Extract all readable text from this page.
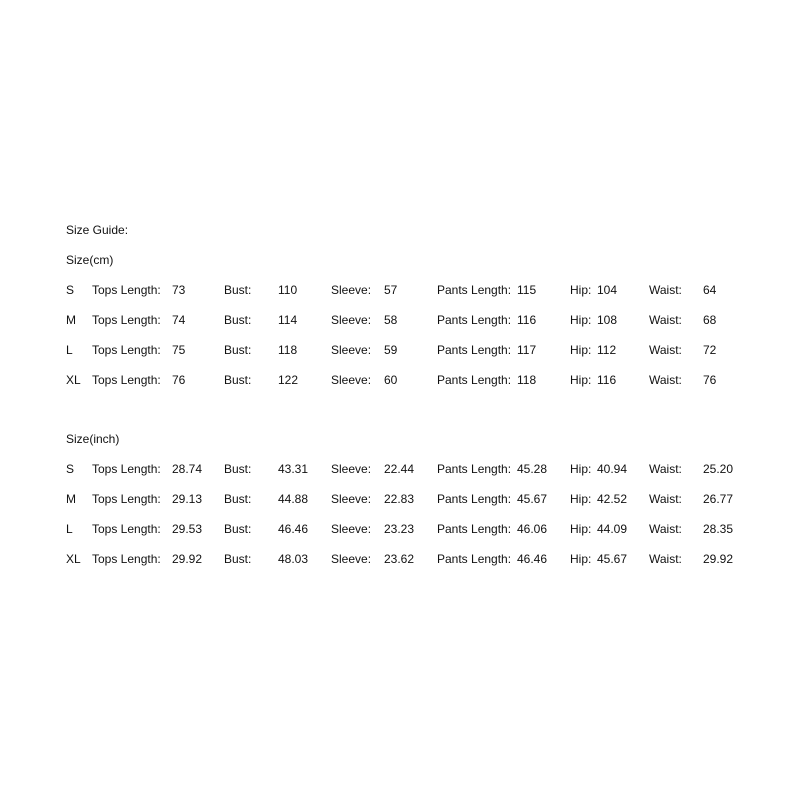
Size Guide:
Size(cm)
S Tops Length: 73	Bust: 110	Sleeve: 57	Pants Length: 115	Hip: 104	Waist: 64
M Tops Length: 74	Bust: 114	Sleeve: 58	Pants Length: 116	Hip: 108	Waist: 68
L Tops Length: 75	Bust: 118	Sleeve: 59	Pants Length: 117	Hip: 112	Waist: 72
XL Tops Length: 76	Bust: 122	Sleeve: 60	Pants Length: 118	Hip: 116	Waist: 76
Size(inch)
S Tops Length: 28.74 Bust: 43.31 Sleeve: 22.44 Pants Length: 45.28 Hip: 40.94 Waist: 25.20
M Tops Length: 29.13 Bust: 44.88 Sleeve: 22.83 Pants Length: 45.67 Hip: 42.52 Waist: 26.77
L Tops Length: 29.53 Bust: 46.46 Sleeve: 23.23 Pants Length: 46.06 Hip: 44.09 Waist: 28.35
XL Tops Length: 29.92 Bust: 48.03 Sleeve: 23.62 Pants Length: 46.46 Hip: 45.67 Waist: 29.92
